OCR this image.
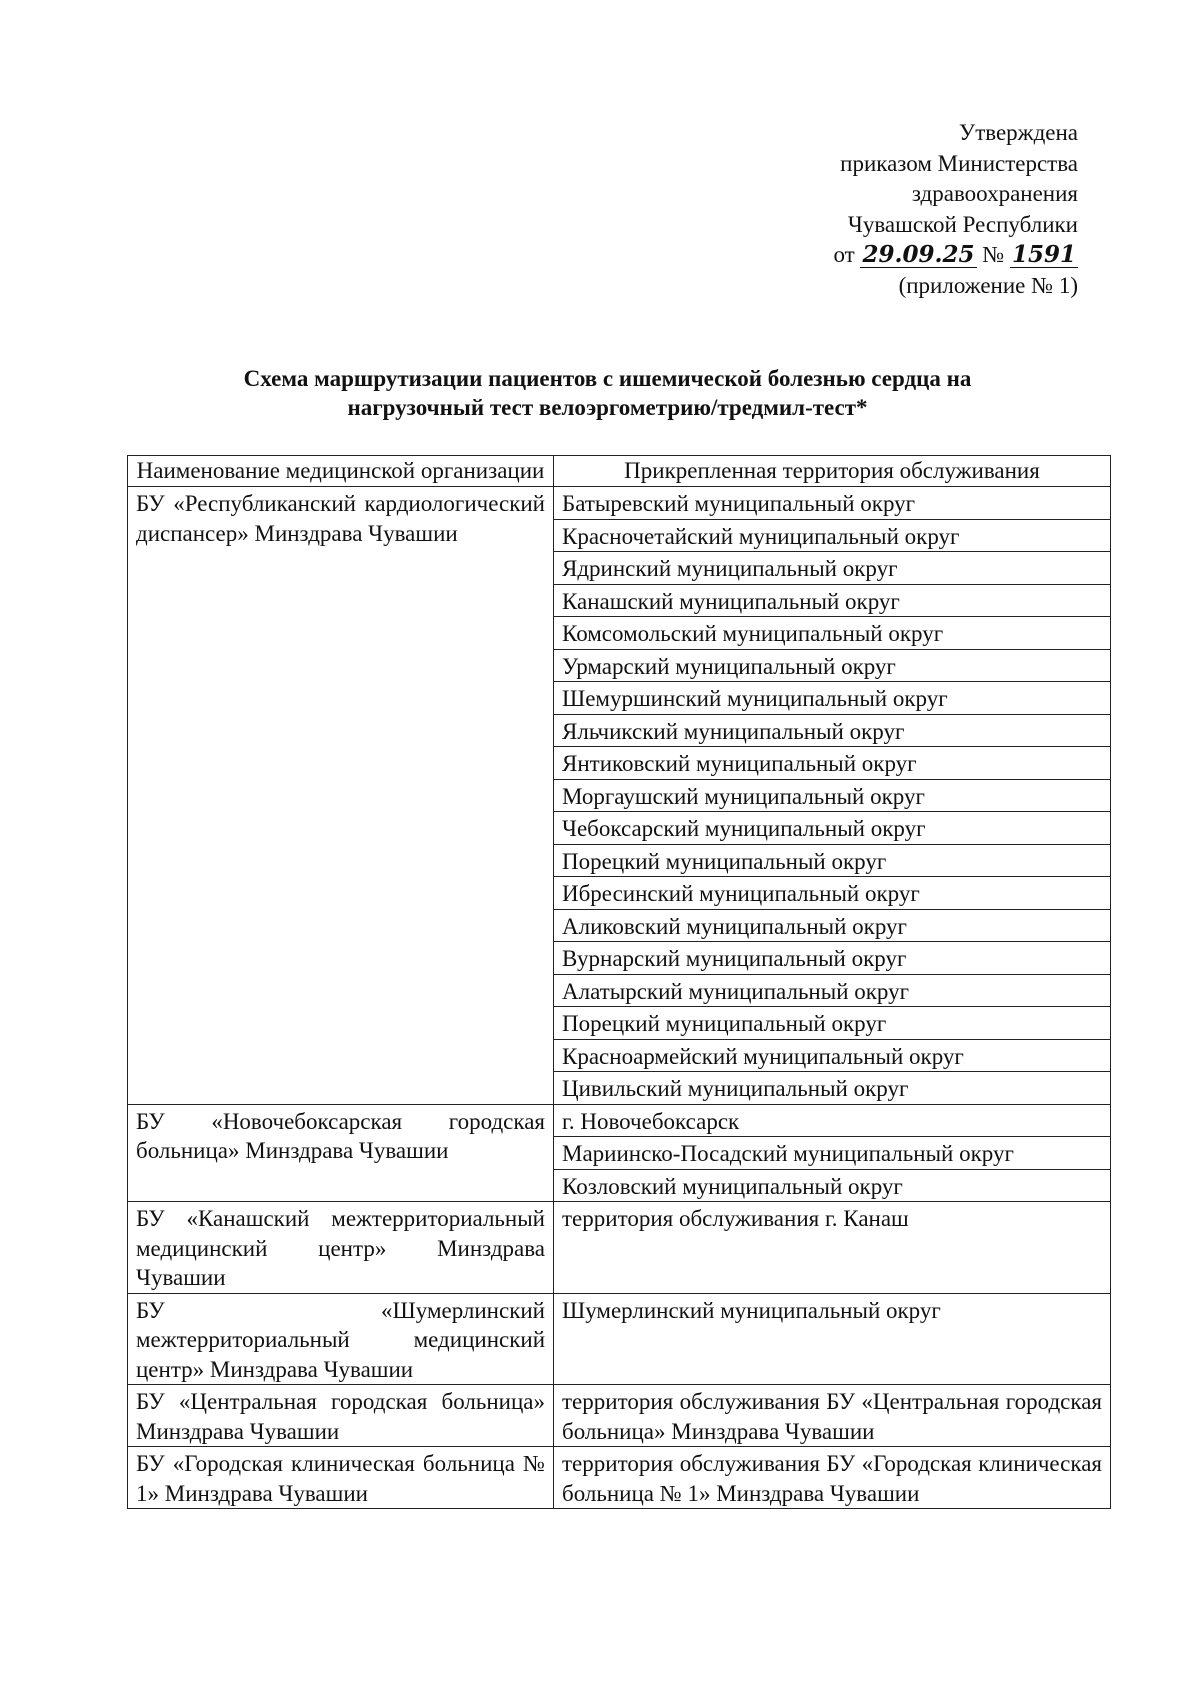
Утверждена
приказом Министерства
здравоохранения
Чувашской Республики
от 29.09.25 № 1591
(приложение № 1)
Схема маршрутизации пациентов с ишемической болезнью сердца на
нагрузочный тест велоэргометрию/тредмил-тест*
Наименование медицинской организации	Прикрепленная территория обслуживания
БУ «Республиканский кардиологический диспансер» Минздрава Чувашии	Батыревский муниципальный округ
	Красночетайский муниципальный округ
	Ядринский муниципальный округ
	Канашский муниципальный округ
	Комсомольский муниципальный округ
	Урмарский муниципальный округ
	Шемуршинский муниципальный округ
	Яльчикский муниципальный округ
	Янтиковский муниципальный округ
	Моргаушский муниципальный округ
	Чебоксарский муниципальный округ
	Порецкий муниципальный округ
	Ибресинский муниципальный округ
	Аликовский муниципальный округ
	Вурнарский муниципальный округ
	Алатырский муниципальный округ
	Порецкий муниципальный округ
	Красноармейский муниципальный округ
	Цивильский муниципальный округ
БУ «Новочебоксарская городская больница» Минздрава Чувашии	г. Новочебоксарск
	Мариинско-Посадский муниципальный округ
	Козловский муниципальный округ
БУ «Канашский межтерриториальный медицинский центр» Минздрава Чувашии	территория обслуживания г. Канаш
БУ «Шумерлинский межтерриториальный медицинский центр» Минздрава Чувашии	Шумерлинский муниципальный округ
БУ «Центральная городская больница» Минздрава Чувашии	территория обслуживания БУ «Центральная городская больница» Минздрава Чувашии
БУ «Городская клиническая больница № 1» Минздрава Чувашии	территория обслуживания БУ «Городская клиническая больница № 1» Минздрава Чувашии
